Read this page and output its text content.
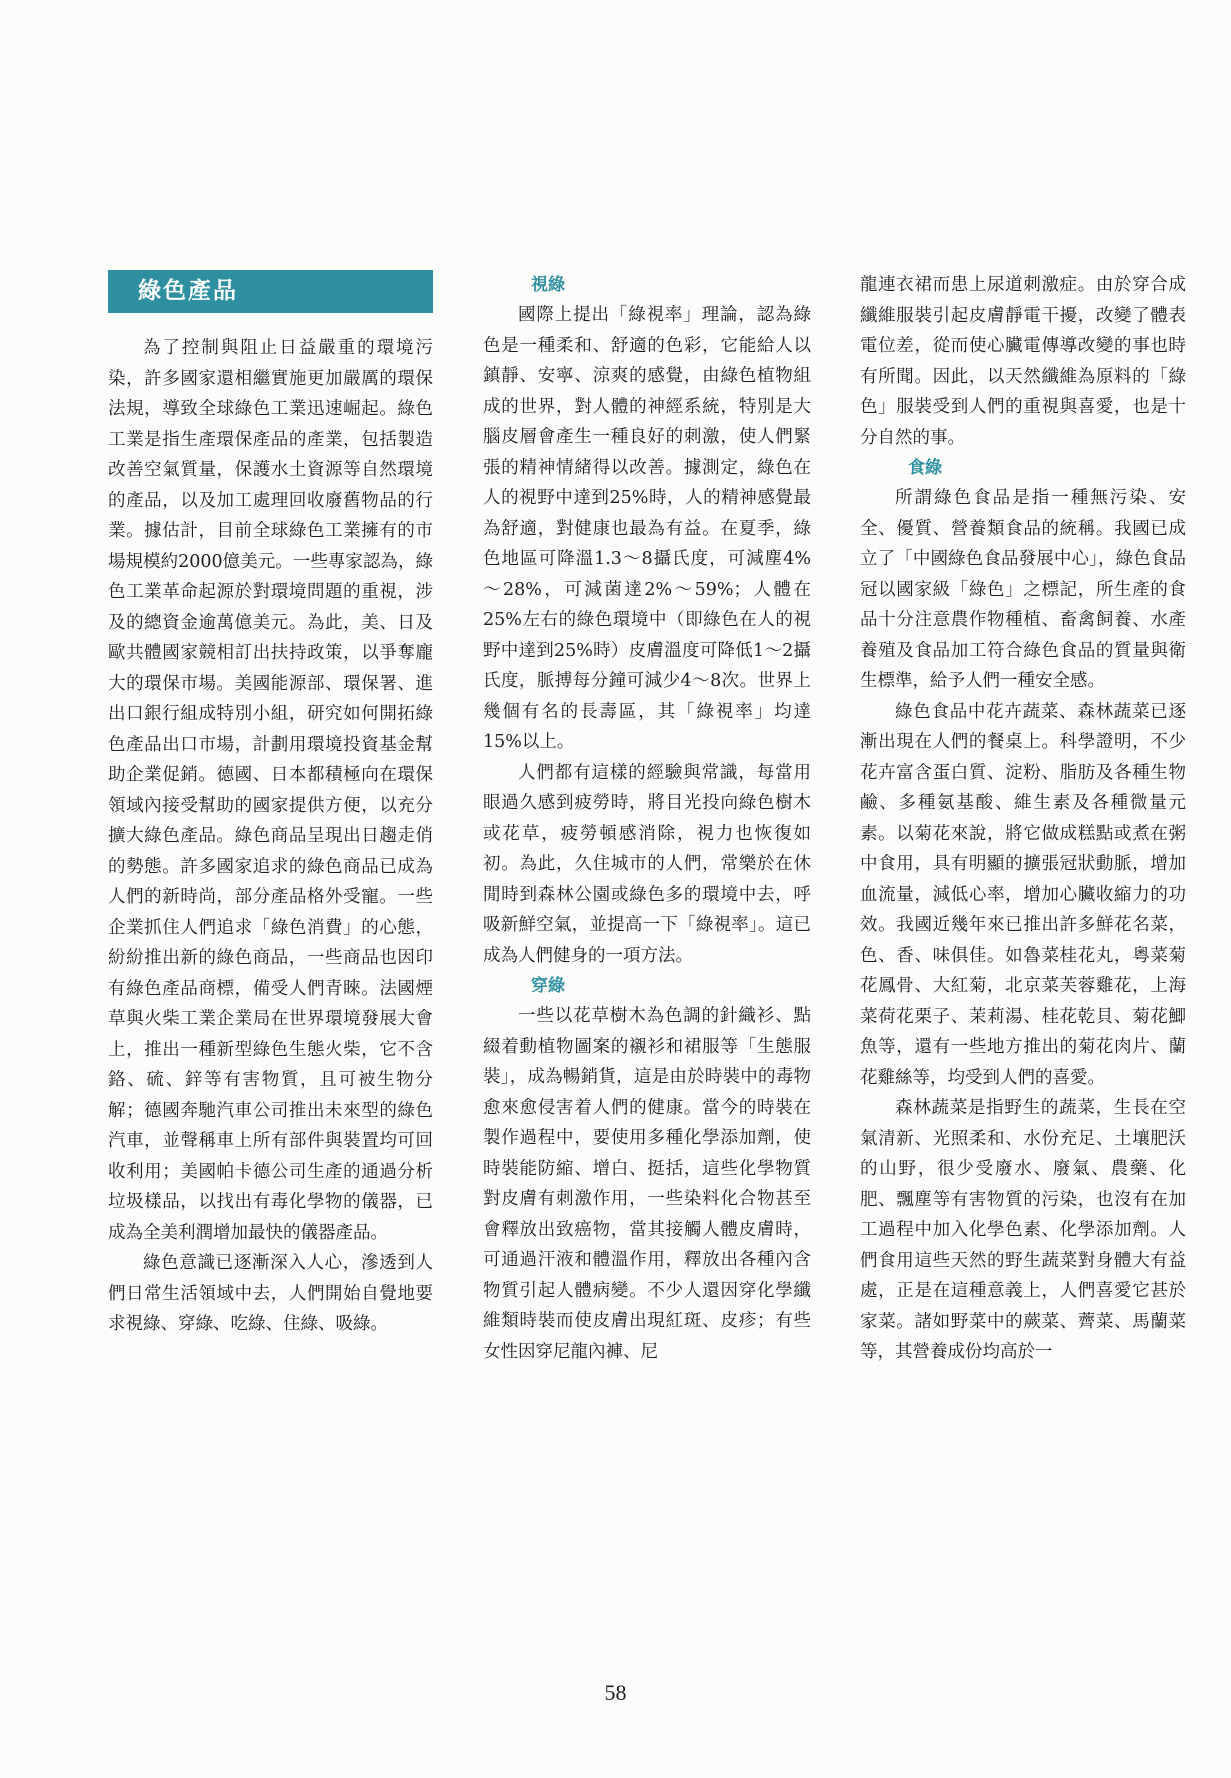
綠色產品

為了控制與阻止日益嚴重的環境污染，許多國家還相繼實施更加嚴厲的環保法規，導致全球綠色工業迅速崛起。綠色工業是指生產環保產品的產業，包括製造改善空氣質量，保護水土資源等自然環境的產品，以及加工處理回收廢舊物品的行業。據估計，目前全球綠色工業擁有的市場規模約2000億美元。一些專家認為，綠色工業革命起源於對環境問題的重視，涉及的總資金逾萬億美元。為此，美、日及歐共體國家競相訂出扶持政策，以爭奪龐大的環保市場。美國能源部、環保署、進出口銀行組成特別小組，研究如何開拓綠色產品出口市場，計劃用環境投資基金幫助企業促銷。德國、日本都積極向在環保領域內接受幫助的國家提供方便，以充分擴大綠色產品。綠色商品呈現出日趨走俏的勢態。許多國家追求的綠色商品已成為人們的新時尚，部分產品格外受寵。一些企業抓住人們追求「綠色消費」的心態，紛紛推出新的綠色商品，一些商品也因印有綠色產品商標，備受人們青睞。法國煙草與火柴工業企業局在世界環境發展大會上，推出一種新型綠色生態火柴，它不含鉻、硫、鋅等有害物質，且可被生物分解；德國奔馳汽車公司推出未來型的綠色汽車，並聲稱車上所有部件與裝置均可回收利用；美國帕卡德公司生產的通過分析垃圾樣品，以找出有毒化學物的儀器，已成為全美利潤增加最快的儀器產品。

綠色意識已逐漸深入人心，滲透到人們日常生活領域中去，人們開始自覺地要求視綠、穿綠、吃綠、住綠、吸綠。

視綠

國際上提出「綠視率」理論，認為綠色是一種柔和、舒適的色彩，它能給人以鎮靜、安寧、涼爽的感覺，由綠色植物組成的世界，對人體的神經系統，特別是大腦皮層會產生一種良好的刺激，使人們緊張的精神情緒得以改善。據測定，綠色在人的視野中達到25%時，人的精神感覺最為舒適，對健康也最為有益。在夏季，綠色地區可降溫1.3～8攝氏度，可減塵4%～28%，可減菌達2%～59%；人體在25%左右的綠色環境中（即綠色在人的視野中達到25%時）皮膚溫度可降低1～2攝氏度，脈搏每分鐘可減少4～8次。世界上幾個有名的長壽區，其「綠視率」均達15%以上。

人們都有這樣的經驗與常識，每當用眼過久感到疲勞時，將目光投向綠色樹木或花草，疲勞頓感消除，視力也恢復如初。為此，久住城市的人們，常樂於在休閒時到森林公園或綠色多的環境中去，呼吸新鮮空氣，並提高一下「綠視率」。這已成為人們健身的一項方法。

穿綠

一些以花草樹木為色調的針織衫、點綴着動植物圖案的襯衫和裙服等「生態服裝」，成為暢銷貨，這是由於時裝中的毒物愈來愈侵害着人們的健康。當今的時裝在製作過程中，要使用多種化學添加劑，使時裝能防縮、增白、挺括，這些化學物質對皮膚有刺激作用，一些染料化合物甚至會釋放出致癌物，當其接觸人體皮膚時，可通過汗液和體溫作用，釋放出各種內含物質引起人體病變。不少人還因穿化學纖維類時裝而使皮膚出現紅斑、皮疹；有些女性因穿尼龍內褲、尼

龍連衣裙而患上尿道刺激症。由於穿合成纖維服裝引起皮膚靜電干擾，改變了體表電位差，從而使心臟電傳導改變的事也時有所聞。因此，以天然纖維為原料的「綠色」服裝受到人們的重視與喜愛，也是十分自然的事。

食綠

所謂綠色食品是指一種無污染、安全、優質、營養類食品的統稱。我國已成立了「中國綠色食品發展中心」，綠色食品冠以國家級「綠色」之標記，所生產的食品十分注意農作物種植、畜禽飼養、水產養殖及食品加工符合綠色食品的質量與衛生標準，給予人們一種安全感。

綠色食品中花卉蔬菜、森林蔬菜已逐漸出現在人們的餐桌上。科學證明，不少花卉富含蛋白質、淀粉、脂肪及各種生物鹼、多種氨基酸、維生素及各種微量元素。以菊花來說，將它做成糕點或煮在粥中食用，具有明顯的擴張冠狀動脈，增加血流量，減低心率，增加心臟收縮力的功效。我國近幾年來已推出許多鮮花名菜，色、香、味俱佳。如魯菜桂花丸，粵菜菊花鳳骨、大紅菊，北京菜芙蓉雞花，上海菜荷花栗子、茉莉湯、桂花乾貝、菊花鯽魚等，還有一些地方推出的菊花肉片、蘭花雞絲等，均受到人們的喜愛。

森林蔬菜是指野生的蔬菜，生長在空氣清新、光照柔和、水份充足、土壤肥沃的山野，很少受廢水、廢氣、農藥、化肥、飄塵等有害物質的污染，也沒有在加工過程中加入化學色素、化學添加劑。人們食用這些天然的野生蔬菜對身體大有益處，正是在這種意義上，人們喜愛它甚於家菜。諸如野菜中的蕨菜、薺菜、馬蘭菜等，其營養成份均高於一

58
